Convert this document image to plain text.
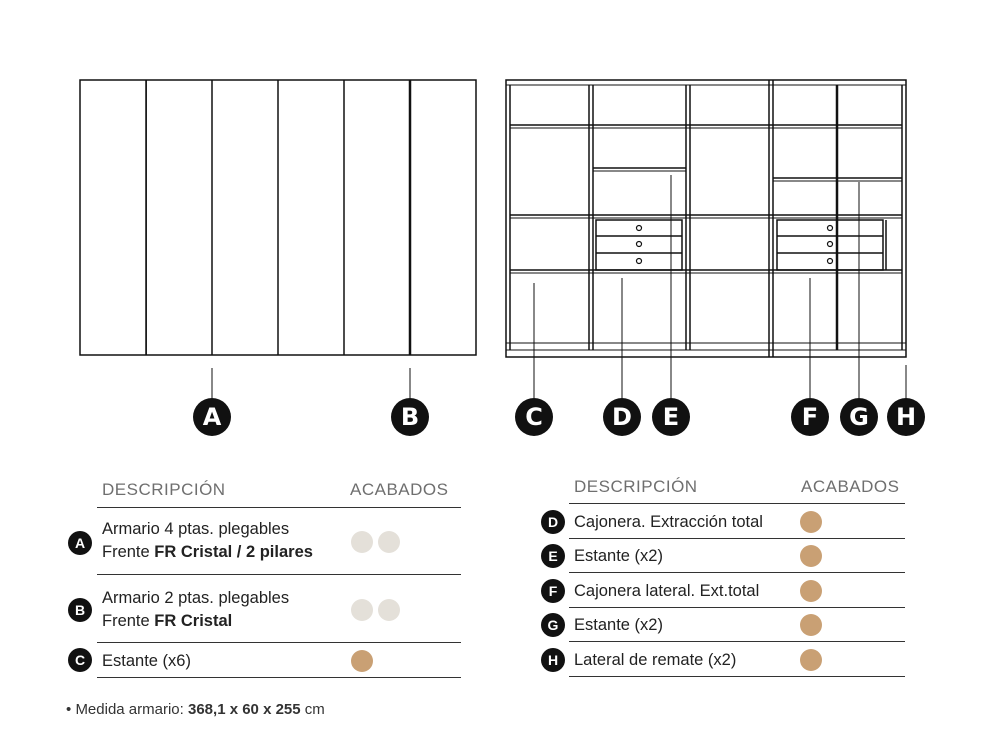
A	B	C	D	E	F	G	H
DESCRIPCIÓN	ACABADOS
A
Armario 4 ptas. plegables
Frente FR Cristal / 2 pilares
B
Armario 2 ptas. plegables
Frente FR Cristal
C	Estante (x6)
DESCRIPCIÓN	ACABADOS
D Cajonera. Extracción total
E Estante (x2)
F	Cajonera lateral. Ext.total
G Estante (x2)
H Lateral de remate (x2)
• Medida armario: 368,1 x 60 x 255 cm
